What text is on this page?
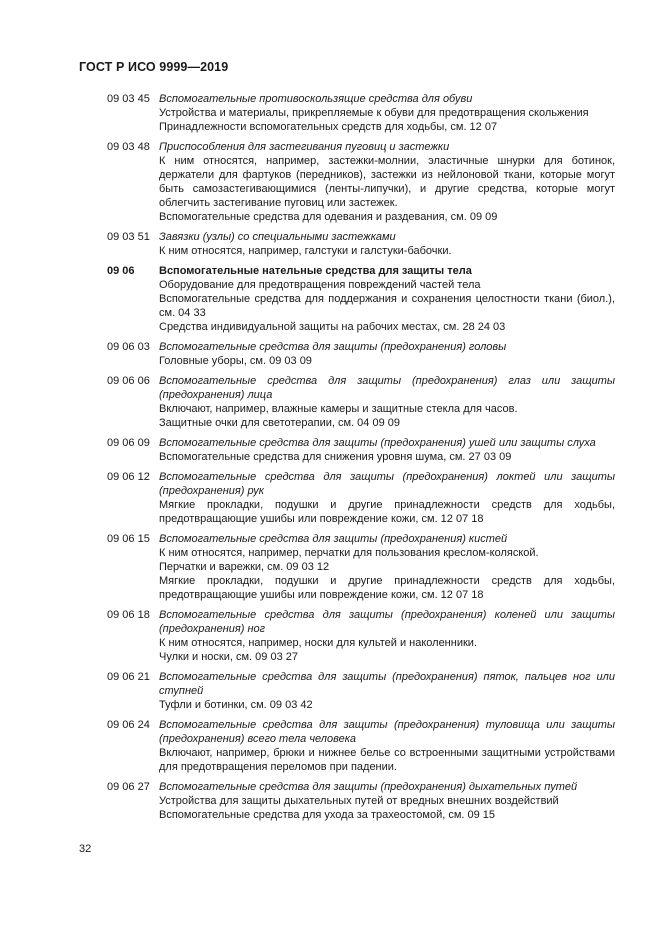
ГОСТ Р ИСО 9999—2019
09 03 45 Вспомогательные противоскользящие средства для обуви
Устройства и материалы, прикрепляемые к обуви для предотвращения скольжения
Принадлежности вспомогательных средств для ходьбы, см. 12 07
09 03 48 Приспособления для застегивания пуговиц и застежки
К ним относятся, например, застежки-молнии, эластичные шнурки для ботинок, держатели для фартуков (передников), застежки из нейлоновой ткани, которые могут быть самозастегивающимися (ленты-липучки), и другие средства, которые могут облегчить застегивание пуговиц или застежек.
Вспомогательные средства для одевания и раздевания, см. 09 09
09 03 51 Завязки (узлы) со специальными застежками
К ним относятся, например, галстуки и галстуки-бабочки.
09 06	Вспомогательные нательные средства для защиты тела
Оборудование для предотвращения повреждений частей тела
Вспомогательные средства для поддержания и сохранения целостности ткани (биол.), см. 04 33
Средства индивидуальной защиты на рабочих местах, см. 28 24 03
09 06 03 Вспомогательные средства для защиты (предохранения) головы
Головные уборы, см. 09 03 09
09 06 06 Вспомогательные средства для защиты (предохранения) глаз или защиты (предохранения) лица
Включают, например, влажные камеры и защитные стекла для часов.
Защитные очки для светотерапии, см. 04 09 09
09 06 09 Вспомогательные средства для защиты (предохранения) ушей или защиты слуха
Вспомогательные средства для снижения уровня шума, см. 27 03 09
09 06 12 Вспомогательные средства для защиты (предохранения) локтей или защиты (предохранения) рук
Мягкие прокладки, подушки и другие принадлежности средств для ходьбы, предотвращающие ушибы или повреждение кожи, см. 12 07 18
09 06 15 Вспомогательные средства для защиты (предохранения) кистей
К ним относятся, например, перчатки для пользования креслом-коляской.
Перчатки и варежки, см. 09 03 12
Мягкие прокладки, подушки и другие принадлежности средств для ходьбы, предотвращающие ушибы или повреждение кожи, см. 12 07 18
09 06 18 Вспомогательные средства для защиты (предохранения) коленей или защиты (предохранения) ног
К ним относятся, например, носки для культей и наколенники.
Чулки и носки, см. 09 03 27
09 06 21 Вспомогательные средства для защиты (предохранения) пяток, пальцев ног или ступней
Туфли и ботинки, см. 09 03 42
09 06 24 Вспомогательные средства для защиты (предохранения) туловища или защиты (предохранения) всего тела человека
Включают, например, брюки и нижнее белье со встроенными защитными устройствами для предотвращения переломов при падении.
09 06 27 Вспомогательные средства для защиты (предохранения) дыхательных путей
Устройства для защиты дыхательных путей от вредных внешних воздействий
Вспомогательные средства для ухода за трахеостомой, см. 09 15
32
